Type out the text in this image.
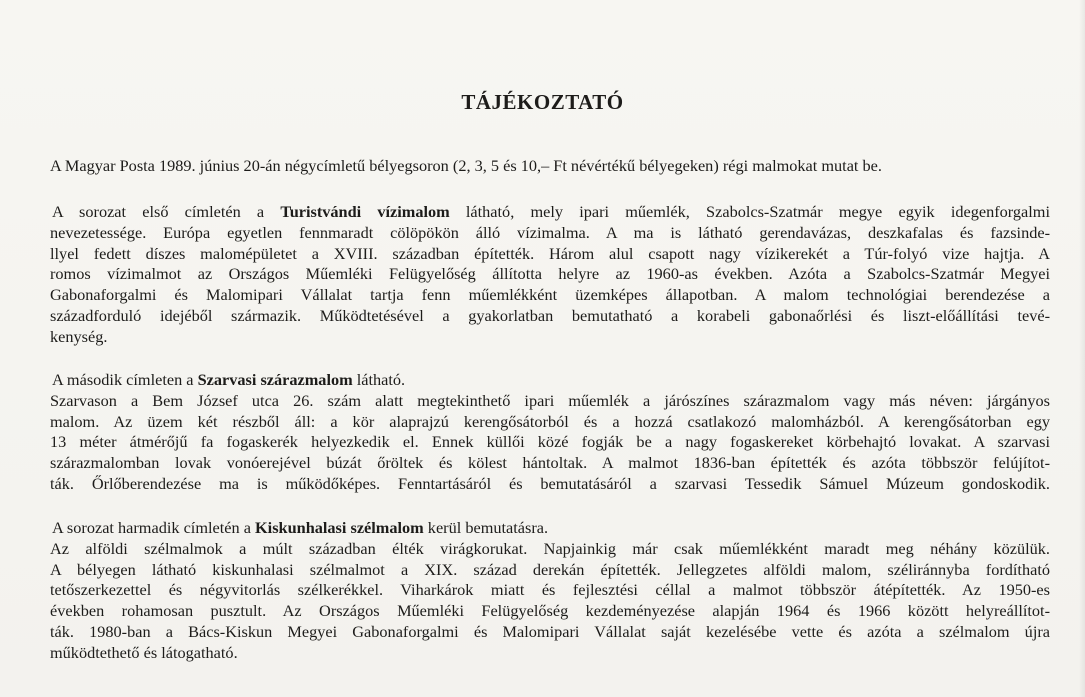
TÁJÉKOZTATÓ
A Magyar Posta 1989. június 20-án négycímletű bélyegsoron (2, 3, 5 és 10,– Ft névértékű bélyegeken) régi malmokat mutat be.
A sorozat első címletén a Turistvándi vízimalom látható, mely ipari műemlék, Szabolcs-Szatmár megye egyik idegenforgalmi
nevezetessége. Európa egyetlen fennmaradt cölöpökön álló vízimalma. A ma is látható gerendavázas, deszkafalas és fazsinde-
llyel fedett díszes malomépületet a XVIII. században építették. Három alul csapott nagy vízikerekét a Túr-folyó vize hajtja. A
romos vízimalmot az Országos Műemléki Felügyelőség állította helyre az 1960-as években. Azóta a Szabolcs-Szatmár Megyei
Gabonaforgalmi és Malomipari Vállalat tartja fenn műemlékként üzemképes állapotban. A malom technológiai berendezése a
századforduló idejéből származik. Működtetésével a gyakorlatban bemutatható a korabeli gabonaőrlési és liszt-előállítási tevé-
kenység.
A második címleten a Szarvasi szárazmalom látható.
Szarvason a Bem József utca 26. szám alatt megtekinthető ipari műemlék a járószínes szárazmalom vagy más néven: járgányos
malom. Az üzem két részből áll: a kör alaprajzú kerengősátorból és a hozzá csatlakozó malomházból. A kerengősátorban egy
13 méter átmérőjű fa fogaskerék helyezkedik el. Ennek küllői közé fogják be a nagy fogaskereket körbehajtó lovakat. A szarvasi
szárazmalomban lovak vonóerejével búzát őröltek és kölest hántoltak. A malmot 1836-ban építették és azóta többször felújítot-
ták. Őrlőberendezése ma is működőképes. Fenntartásáról és bemutatásáról a szarvasi Tessedik Sámuel Múzeum gondoskodik.
A sorozat harmadik címletén a Kiskunhalasi szélmalom kerül bemutatásra.
Az alföldi szélmalmok a múlt században élték virágkorukat. Napjainkig már csak műemlékként maradt meg néhány közülük.
A bélyegen látható kiskunhalasi szélmalmot a XIX. század derekán építették. Jellegzetes alföldi malom, széliránnyba fordítható
tetőszerkezettel és négyvitorlás szélkerékkel. Viharkárok miatt és fejlesztési céllal a malmot többször átépítették. Az 1950-es
években rohamosan pusztult. Az Országos Műemléki Felügyelőség kezdeményezése alapján 1964 és 1966 között helyreállítot-
ták. 1980-ban a Bács-Kiskun Megyei Gabonaforgalmi és Malomipari Vállalat saját kezelésébe vette és azóta a szélmalom újra
működtethető és látogatható.
